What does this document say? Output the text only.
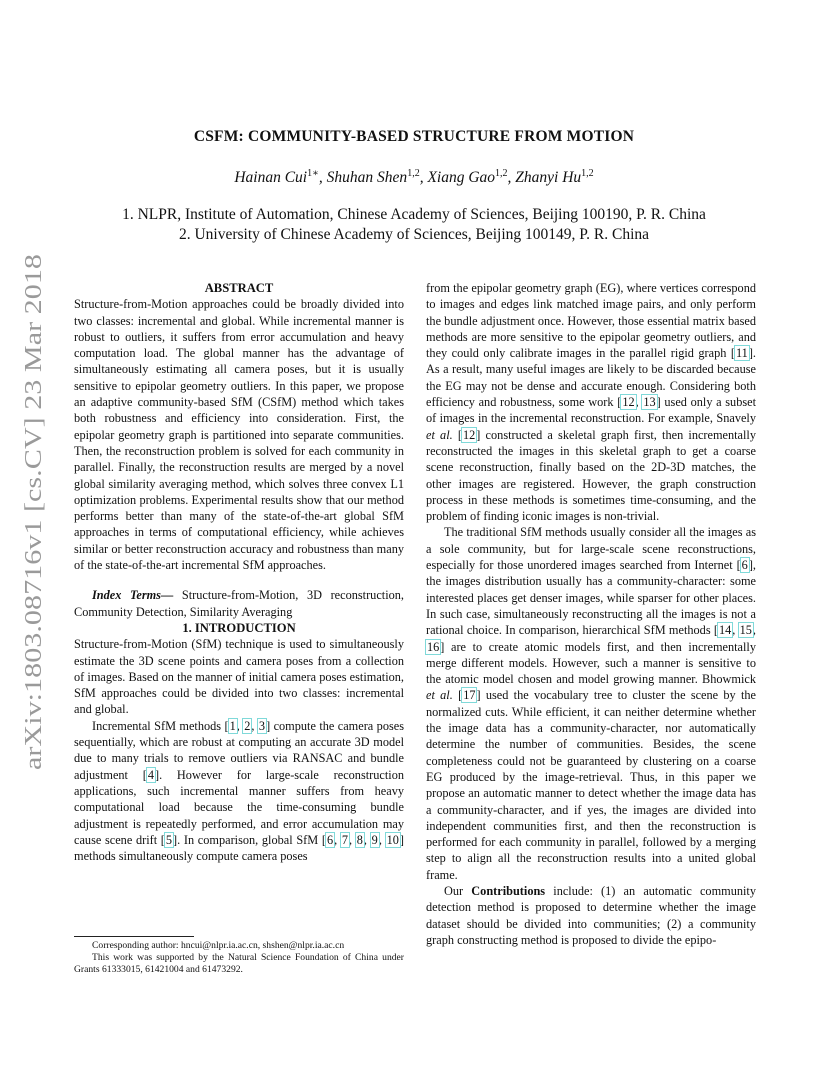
arXiv:1803.08716v1 [cs.CV] 23 Mar 2018
CSFM: COMMUNITY-BASED STRUCTURE FROM MOTION
Hainan Cui$^{1∗}$, Shuhan Shen$^{1,2}$, Xiang Gao$^{1,2}$, Zhanyi Hu$^{1,2}$
1. NLPR, Institute of Automation, Chinese Academy of Sciences, Beijing 100190, P. R. China
2. University of Chinese Academy of Sciences, Beijing 100149, P. R. China

ABSTRACT

Structure-from-Motion approaches could be broadly divided into two classes: incremental and global. While incremental manner is robust to outliers, it suffers from error accumulation and heavy computation load. The global manner has the advantage of simultaneously estimating all camera poses, but it is usually sensitive to epipolar geometry outliers. In this paper, we propose an adaptive community-based SfM (CSfM) method which takes both robustness and efficiency into consideration. First, the epipolar geometry graph is partitioned into separate communities. Then, the reconstruction problem is solved for each community in parallel. Finally, the reconstruction results are merged by a novel global similarity averaging method, which solves three convex L1 optimization problems. Experimental results show that our method performs better than many of the state-of-the-art global SfM approaches in terms of computational efficiency, while achieves similar or better reconstruction accuracy and robustness than many of the state-of-the-art incremental SfM approaches.

Index Terms— Structure-from-Motion, 3D reconstruction, Community Detection, Similarity Averaging

1. INTRODUCTION

Structure-from-Motion (SfM) technique is used to simultaneously estimate the 3D scene points and camera poses from a collection of images. Based on the manner of initial camera poses estimation, SfM approaches could be divided into two classes: incremental and global.

Incremental SfM methods [1, 2, 3] compute the camera poses sequentially, which are robust at computing an accurate 3D model due to many trials to remove outliers via RANSAC and bundle adjustment [4]. However for large-scale reconstruction applications, such incremental manner suffers from heavy computational load because the time-consuming bundle adjustment is repeatedly performed, and error accumulation may cause scene drift [5]. In comparison, global SfM [6, 7, 8, 9, 10] methods simultaneously compute camera poses

Corresponding author: hncui@nlpr.ia.ac.cn, shshen@nlpr.ia.ac.cn

This work was supported by the Natural Science Foundation of China under Grants 61333015, 61421004 and 61473292.

from the epipolar geometry graph (EG), where vertices correspond to images and edges link matched image pairs, and only perform the bundle adjustment once. However, those essential matrix based methods are more sensitive to the epipolar geometry outliers, and they could only calibrate images in the parallel rigid graph [11]. As a result, many useful images are likely to be discarded because the EG may not be dense and accurate enough. Considering both efficiency and robustness, some work [12, 13] used only a subset of images in the incremental reconstruction. For example, Snavely et al. [12] constructed a skeletal graph first, then incrementally reconstructed the images in this skeletal graph to get a coarse scene reconstruction, finally based on the 2D-3D matches, the other images are registered. However, the graph construction process in these methods is sometimes time-consuming, and the problem of finding iconic images is non-trivial.

The traditional SfM methods usually consider all the images as a sole community, but for large-scale scene reconstructions, especially for those unordered images searched from Internet [6], the images distribution usually has a community-character: some interested places get denser images, while sparser for other places. In such case, simultaneously reconstructing all the images is not a rational choice. In comparison, hierarchical SfM methods [14, 15, 16] are to create atomic models first, and then incrementally merge different models. However, such a manner is sensitive to the atomic model chosen and model growing manner. Bhowmick et al. [17] used the vocabulary tree to cluster the scene by the normalized cuts. While efficient, it can neither determine whether the image data has a community-character, nor automatically determine the number of communities. Besides, the scene completeness could not be guaranteed by clustering on a coarse EG produced by the image-retrieval. Thus, in this paper we propose an automatic manner to detect whether the image data has a community-character, and if yes, the images are divided into independent communities first, and then the reconstruction is performed for each community in parallel, followed by a merging step to align all the reconstruction results into a united global frame.

Our Contributions include: (1) an automatic community detection method is proposed to determine whether the image dataset should be divided into communities; (2) a community graph constructing method is proposed to divide the epipo-
